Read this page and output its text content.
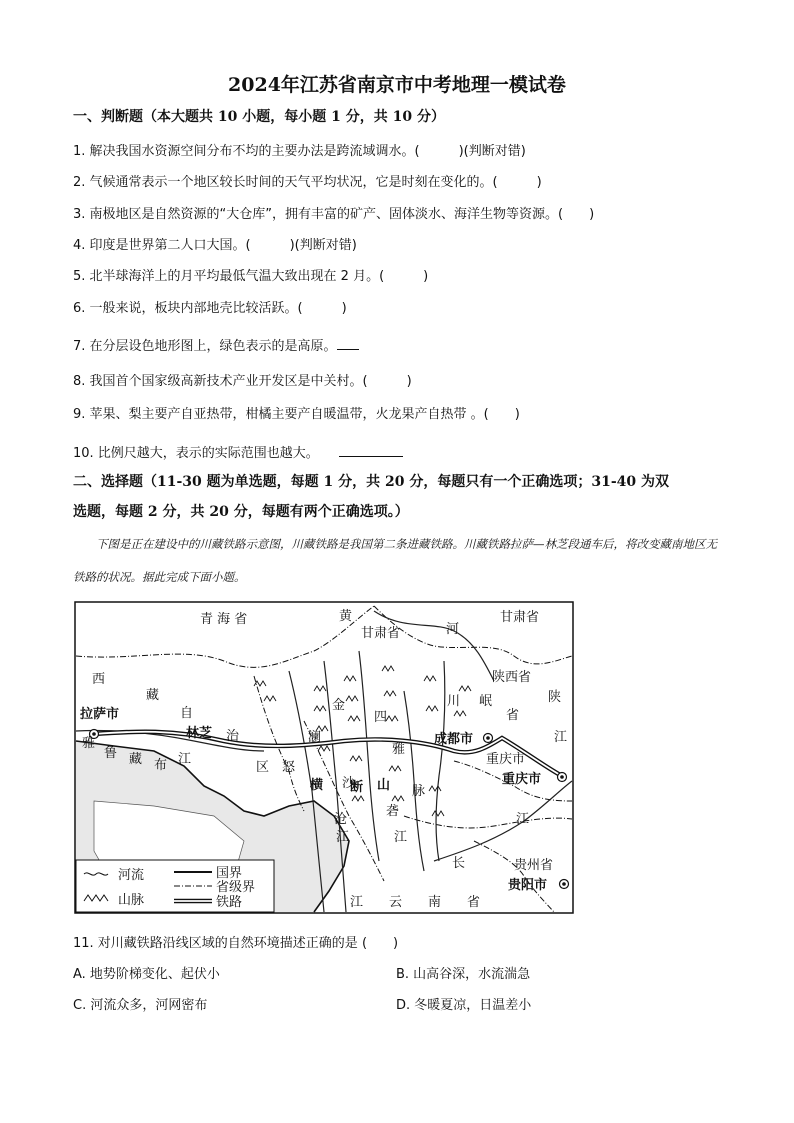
2024年江苏省南京市中考地理一模试卷
一、判断题（本大题共 10 小题，每小题 1 分，共 10 分）
1. 解决我国水资源空间分布不均的主要办法是跨流域调水。(　　　)(判断对错)
2. 气候通常表示一个地区较长时间的天气平均状况，它是时刻在变化的。(　　　)
3. 南极地区是自然资源的“大仓库”，拥有丰富的矿产、固体淡水、海洋生物等资源。(　　)
4. 印度是世界第二人口大国。(　　　)(判断对错)
5. 北半球海洋上的月平均最低气温大致出现在 2 月。(　　　)
6. 一般来说，板块内部地壳比较活跃。(　　　)
7. 在分层设色地形图上，绿色表示的是高原。
8. 我国首个国家级高新技术产业开发区是中关村。(　　　)
9. 苹果、梨主要产自亚热带，柑橘主要产自暖温带，火龙果产自热带 。(　　)
10. 比例尺越大，表示的实际范围也越大。
二、选择题（11-30 题为单选题，每题 1 分，共 20 分，每题只有一个正确选项；31-40 为双
选题，每题 2 分，共 20 分，每题有两个正确选项。）
下图是正在建设中的川藏铁路示意图，川藏铁路是我国第二条进藏铁路。川藏铁路拉萨—林芝段通车后，将改变藏南地区无铁路的状况。据此完成下面小题。
青 海 省	黄
甘肃省	河
甘肃省
陕西省
陕
西
藏
自
拉萨市
林芝 治
区
雅
鲁 藏 布 江
金
澜
怒
横 断 山 脉
四
川 岷
省
成都市
重庆市
重庆市
江
江
雅
砻
江
长	贵州省
贵阳市
江　　云　　南　　省
沧
江
沙
河流
山脉
国界
省级界
铁路
11. 对川藏铁路沿线区域的自然环境描述正确的是 (　　)
A. 地势阶梯变化、起伏小	B. 山高谷深，水流湍急
C. 河流众多，河网密布	D. 冬暖夏凉，日温差小
